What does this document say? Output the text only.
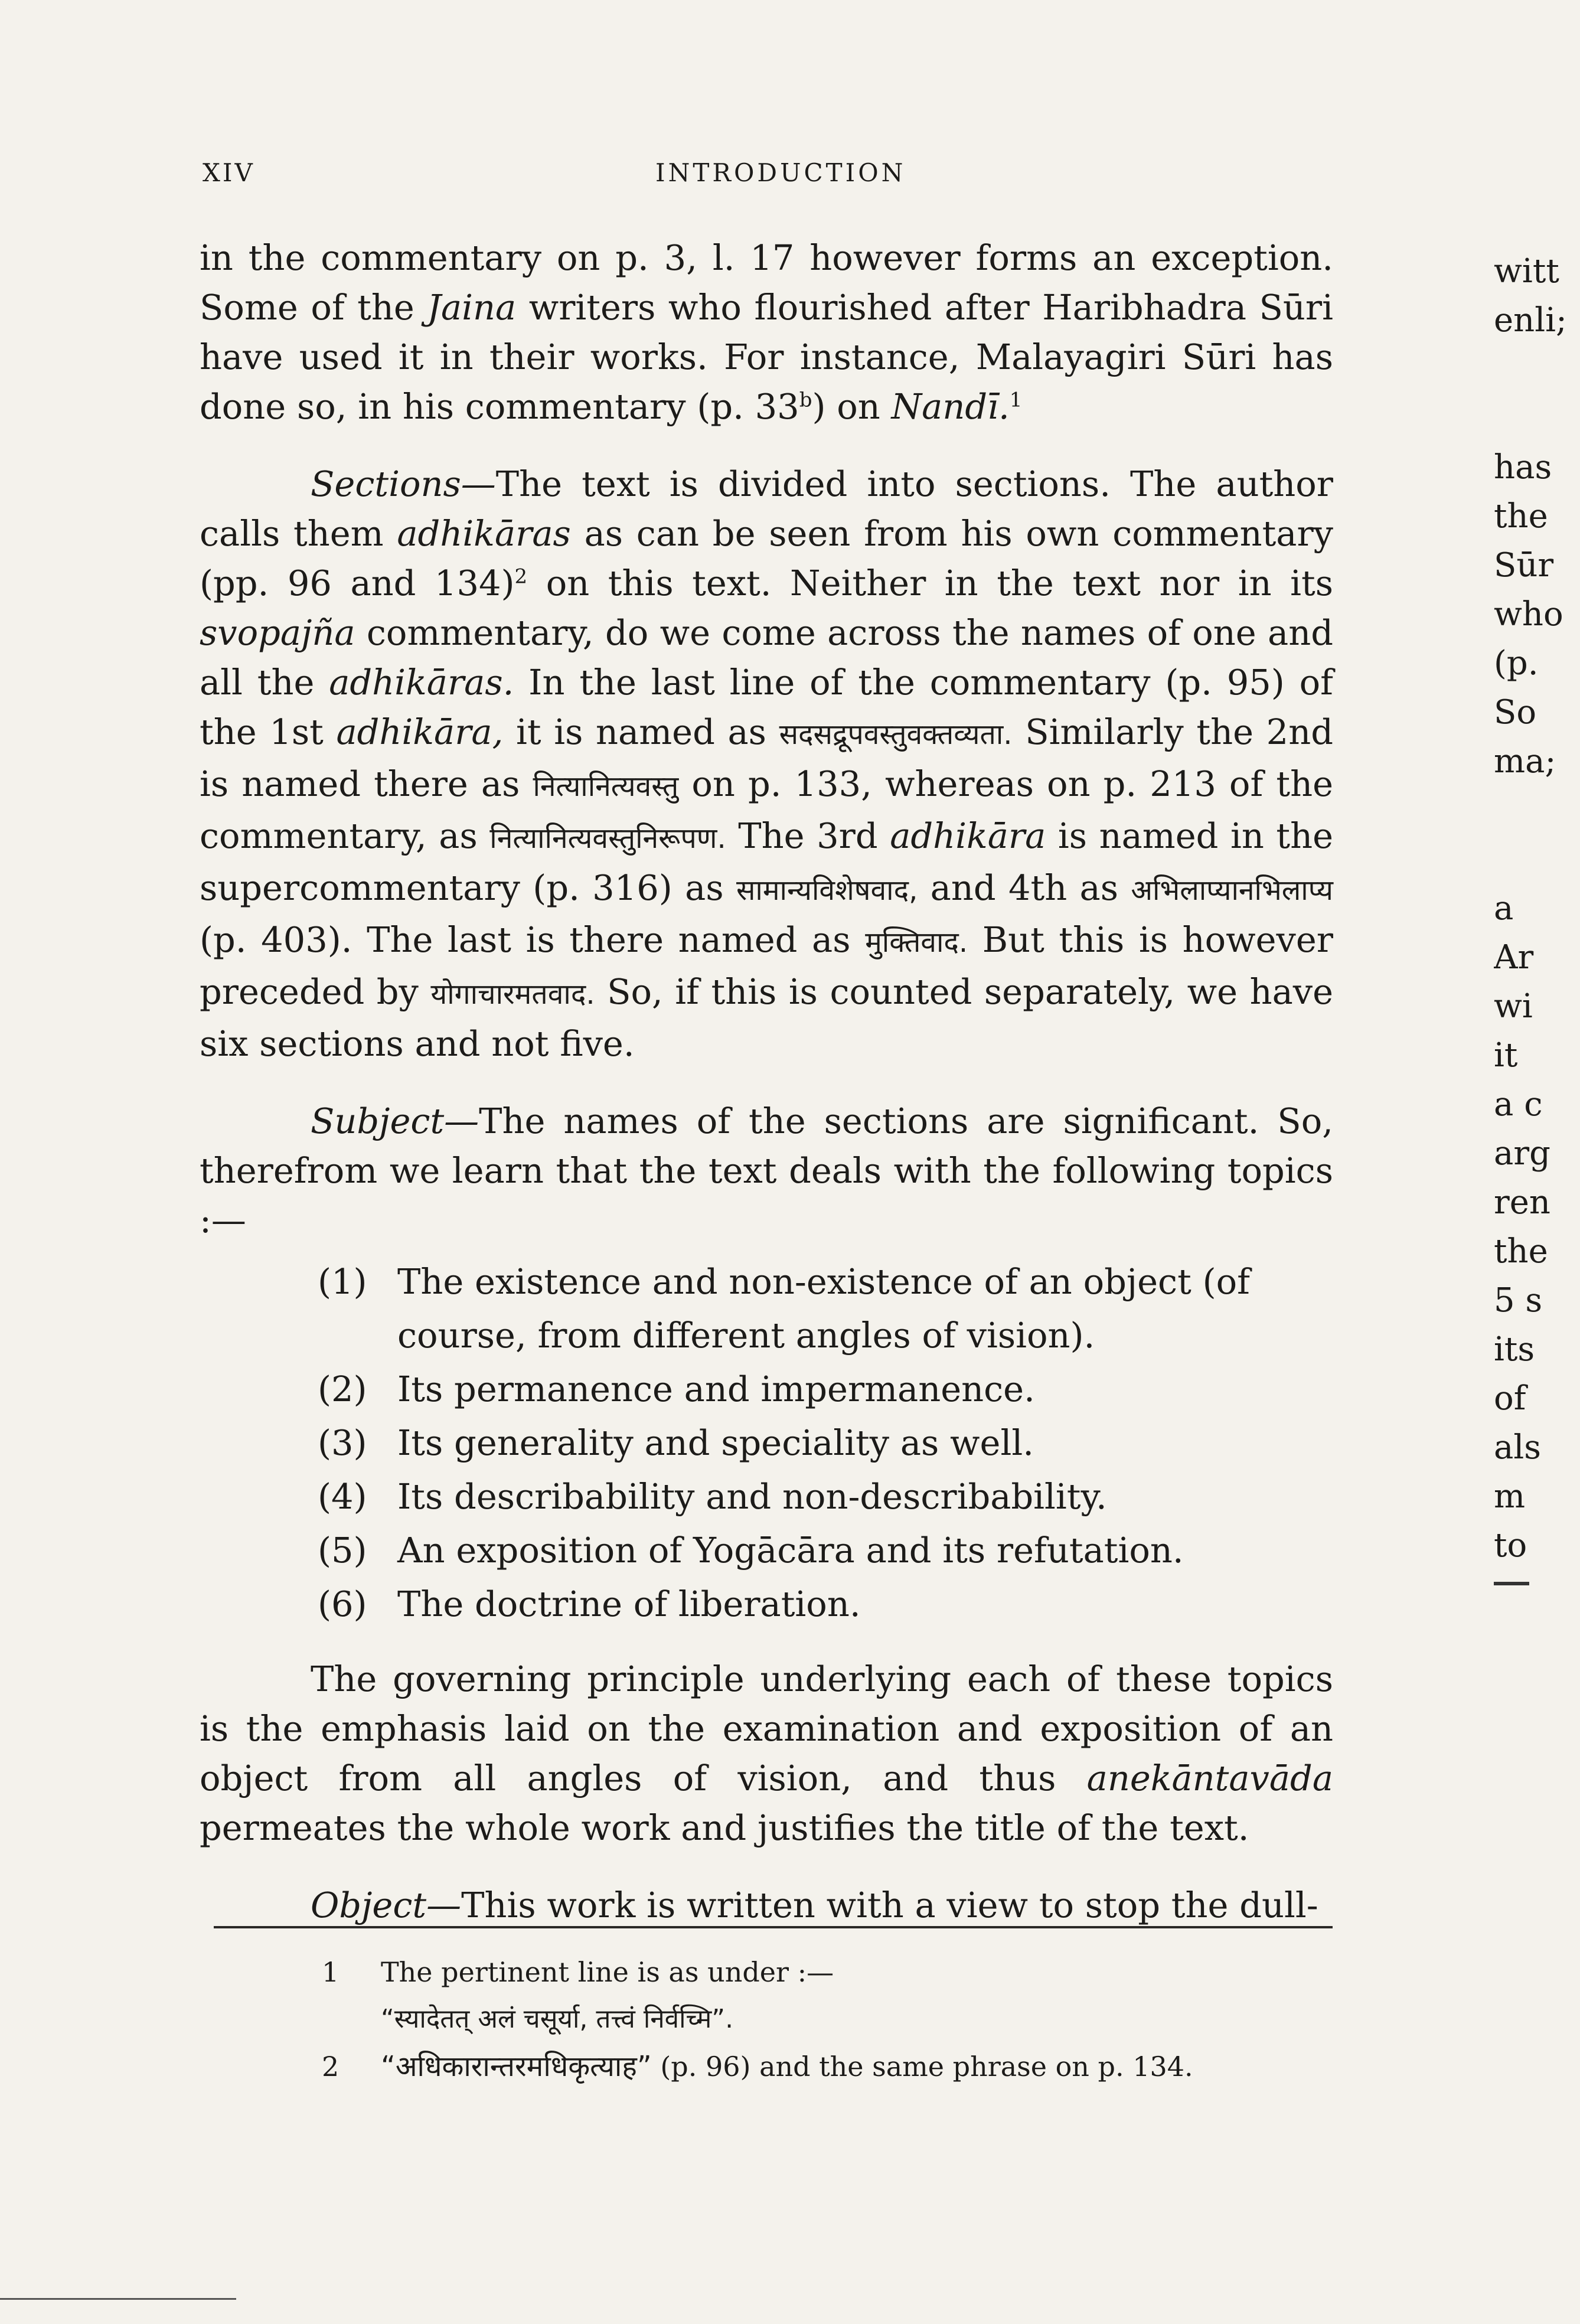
XIV	INTRODUCTION

in the commentary on p. 3, l. 17 however forms an exception. Some of the Jaina writers who flourished after Haribhadra Sūri have used it in their works. For instance, Malayagiri Sūri has done so, in his commentary (p. 33$^b$) on Nandī.$^1$

Sections—The text is divided into sections. The author calls them adhikāras as can be seen from his own commentary (pp. 96 and 134)$^2$ on this text. Neither in the text nor in its svopajña commentary, do we come across the names of one and all the adhikāras. In the last line of the commentary (p. 95) of the 1st adhikāra, it is named as सदसद्रूपवस्तुवक्तव्यता. Similarly the 2nd is named there as नित्यानित्यवस्तु on p. 133, whereas on p. 213 of the commentary, as नित्यानित्यवस्तुनिरूपण. The 3rd adhikāra is named in the supercommentary (p. 316) as सामान्यविशेषवाद, and 4th as अभिलाप्यानभिलाप्य (p. 403). The last is there named as मुक्तिवाद. But this is however preceded by योगाचारमतवाद. So, if this is counted separately, we have six sections and not five.

Subject—The names of the sections are significant. So, therefrom we learn that the text deals with the following topics :—

(1) The existence and non-existence of an object (of course, from different angles of vision).
(2) Its permanence and impermanence.
(3) Its generality and speciality as well.
(4) Its describability and non-describability.
(5) An exposition of Yogācāra and its refutation.
(6) The doctrine of liberation.

The governing principle underlying each of these topics is the emphasis laid on the examination and exposition of an object from all angles of vision, and thus anekāntavāda permeates the whole work and justifies the title of the text.

Object—This work is written with a view to stop the dull-

1	The pertinent line is as under :—
“स्यादेतत् अलं चसूर्या, तत्त्वं निर्वच्मि”.
2	“अधिकारान्तरमधिकृत्याह” (p. 96) and the same phrase on p. 134.
witt
enli;
has
the
Sūr
who
(p.
So
ma;
a
Ar
wi
it
a c
arg
ren
the
5 s
its
of
als
m
to
